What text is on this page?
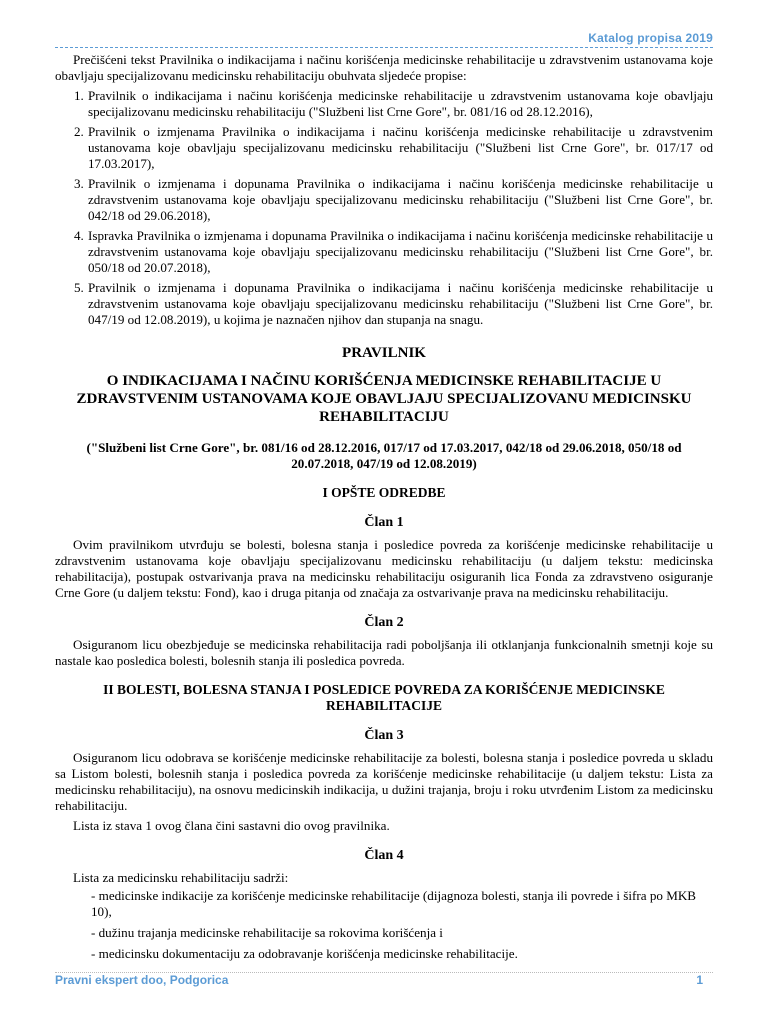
Katalog propisa 2019

Prečišćeni tekst Pravilnika o indikacijama i načinu korišćenja medicinske rehabilitacije u zdravstvenim ustanovama koje obavljaju specijalizovanu medicinsku rehabilitaciju obuhvata sljedeće propise:

1. Pravilnik o indikacijama i načinu korišćenja medicinske rehabilitacije u zdravstvenim ustanovama koje obavljaju specijalizovanu medicinsku rehabilitaciju ("Službeni list Crne Gore", br. 081/16 od 28.12.2016),
2. Pravilnik o izmjenama Pravilnika o indikacijama i načinu korišćenja medicinske rehabilitacije u zdravstvenim ustanovama koje obavljaju specijalizovanu medicinsku rehabilitaciju ("Službeni list Crne Gore", br. 017/17 od 17.03.2017),
3. Pravilnik o izmjenama i dopunama Pravilnika o indikacijama i načinu korišćenja medicinske rehabilitacije u zdravstvenim ustanovama koje obavljaju specijalizovanu medicinsku rehabilitaciju ("Službeni list Crne Gore", br. 042/18 od 29.06.2018),
4. Ispravka Pravilnika o izmjenama i dopunama Pravilnika o indikacijama i načinu korišćenja medicinske rehabilitacije u zdravstvenim ustanovama koje obavljaju specijalizovanu medicinsku rehabilitaciju ("Službeni list Crne Gore", br. 050/18 od 20.07.2018),
5. Pravilnik o izmjenama i dopunama Pravilnika o indikacijama i načinu korišćenja medicinske rehabilitacije u zdravstvenim ustanovama koje obavljaju specijalizovanu medicinsku rehabilitaciju ("Službeni list Crne Gore", br. 047/19 od 12.08.2019), u kojima je naznačen njihov dan stupanja na snagu.
PRAVILNIK
O INDIKACIJAMA I NAČINU KORIŠĆENJA MEDICINSKE REHABILITACIJE U ZDRAVSTVENIM USTANOVAMA KOJE OBAVLJAJU SPECIJALIZOVANU MEDICINSKU REHABILITACIJU
("Službeni list Crne Gore", br. 081/16 od 28.12.2016, 017/17 od 17.03.2017, 042/18 od 29.06.2018, 050/18 od 20.07.2018, 047/19 od 12.08.2019)
I OPŠTE ODREDBE
Član 1

Ovim pravilnikom utvrđuju se bolesti, bolesna stanja i posledice povreda za korišćenje medicinske rehabilitacije u zdravstvenim ustanovama koje obavljaju specijalizovanu medicinsku rehabilitaciju (u daljem tekstu: medicinska rehabilitacija), postupak ostvarivanja prava na medicinsku rehabilitaciju osiguranih lica Fonda za zdravstveno osiguranje Crne Gore (u daljem tekstu: Fond), kao i druga pitanja od značaja za ostvarivanje prava na medicinsku rehabilitaciju.

Član 2

Osiguranom licu obezbjeđuje se medicinska rehabilitacija radi poboljšanja ili otklanjanja funkcionalnih smetnji koje su nastale kao posledica bolesti, bolesnih stanja ili posledica povreda.

II BOLESTI, BOLESNA STANJA I POSLEDICE POVREDA ZA KORIŠĆENJE MEDICINSKE REHABILITACIJE
Član 3

Osiguranom licu odobrava se korišćenje medicinske rehabilitacije za bolesti, bolesna stanja i posledice povreda u skladu sa Listom bolesti, bolesnih stanja i posledica povreda za korišćenje medicinske rehabilitacije (u daljem tekstu: Lista za medicinsku rehabilitaciju), na osnovu medicinskih indikacija, u dužini trajanja, broju i roku utvrđenim Listom za medicinsku rehabilitaciju.

Lista iz stava 1 ovog člana čini sastavni dio ovog pravilnika.

Član 4

Lista za medicinsku rehabilitaciju sadrži:

- medicinske indikacije za korišćenje medicinske rehabilitacije (dijagnoza bolesti, stanja ili povrede i šifra po MKB 10),
- dužinu trajanja medicinske rehabilitacije sa rokovima korišćenja i
- medicinsku dokumentaciju za odobravanje korišćenja medicinske rehabilitacije.
Pravni ekspert doo, Podgorica	1
